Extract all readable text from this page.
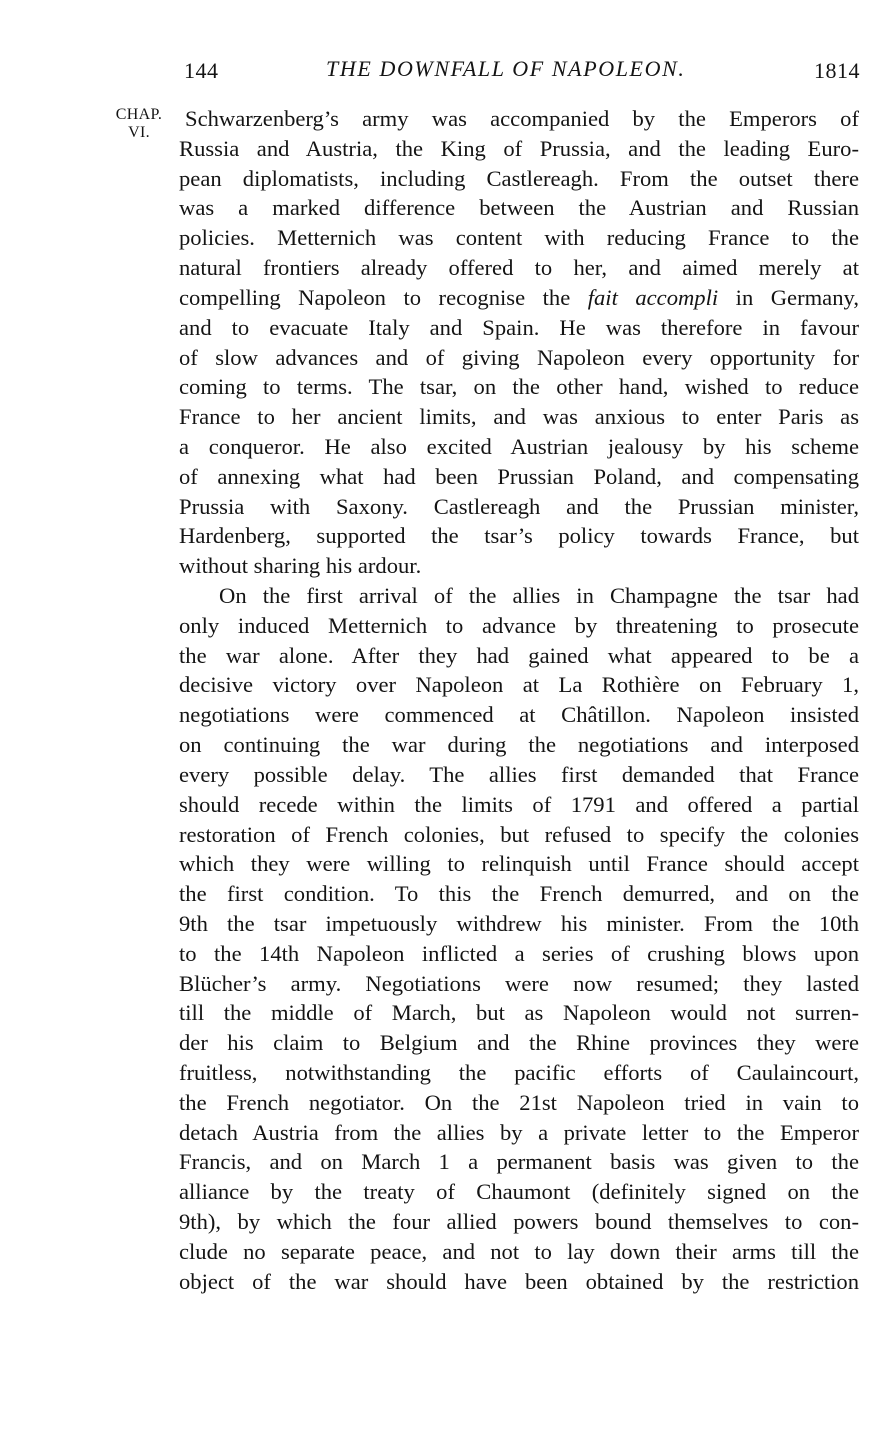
144	THE DOWNFALL OF NAPOLEON.	1814
CHAP.
VI.
Schwarzenberg’s army was accompanied by the Emperors of
Russia and Austria, the King of Prussia, and the leading Euro-
pean diplomatists, including Castlereagh. From the outset there
was a marked difference between the Austrian and Russian
policies. Metternich was content with reducing France to the
natural frontiers already offered to her, and aimed merely at
compelling Napoleon to recognise the fait accompli in Germany,
and to evacuate Italy and Spain. He was therefore in favour
of slow advances and of giving Napoleon every opportunity for
coming to terms. The tsar, on the other hand, wished to reduce
France to her ancient limits, and was anxious to enter Paris as
a conqueror. He also excited Austrian jealousy by his scheme
of annexing what had been Prussian Poland, and compensating
Prussia with Saxony. Castlereagh and the Prussian minister,
Hardenberg, supported the tsar’s policy towards France, but
without sharing his ardour.
On the first arrival of the allies in Champagne the tsar had
only induced Metternich to advance by threatening to prosecute
the war alone. After they had gained what appeared to be a
decisive victory over Napoleon at La Rothière on February 1,
negotiations were commenced at Châtillon. Napoleon insisted
on continuing the war during the negotiations and interposed
every possible delay. The allies first demanded that France
should recede within the limits of 1791 and offered a partial
restoration of French colonies, but refused to specify the colonies
which they were willing to relinquish until France should accept
the first condition. To this the French demurred, and on the
9th the tsar impetuously withdrew his minister. From the 10th
to the 14th Napoleon inflicted a series of crushing blows upon
Blücher’s army. Negotiations were now resumed; they lasted
till the middle of March, but as Napoleon would not surren-
der his claim to Belgium and the Rhine provinces they were
fruitless, notwithstanding the pacific efforts of Caulaincourt,
the French negotiator. On the 21st Napoleon tried in vain to
detach Austria from the allies by a private letter to the Emperor
Francis, and on March 1 a permanent basis was given to the
alliance by the treaty of Chaumont (definitely signed on the
9th), by which the four allied powers bound themselves to con-
clude no separate peace, and not to lay down their arms till the
object of the war should have been obtained by the restriction
